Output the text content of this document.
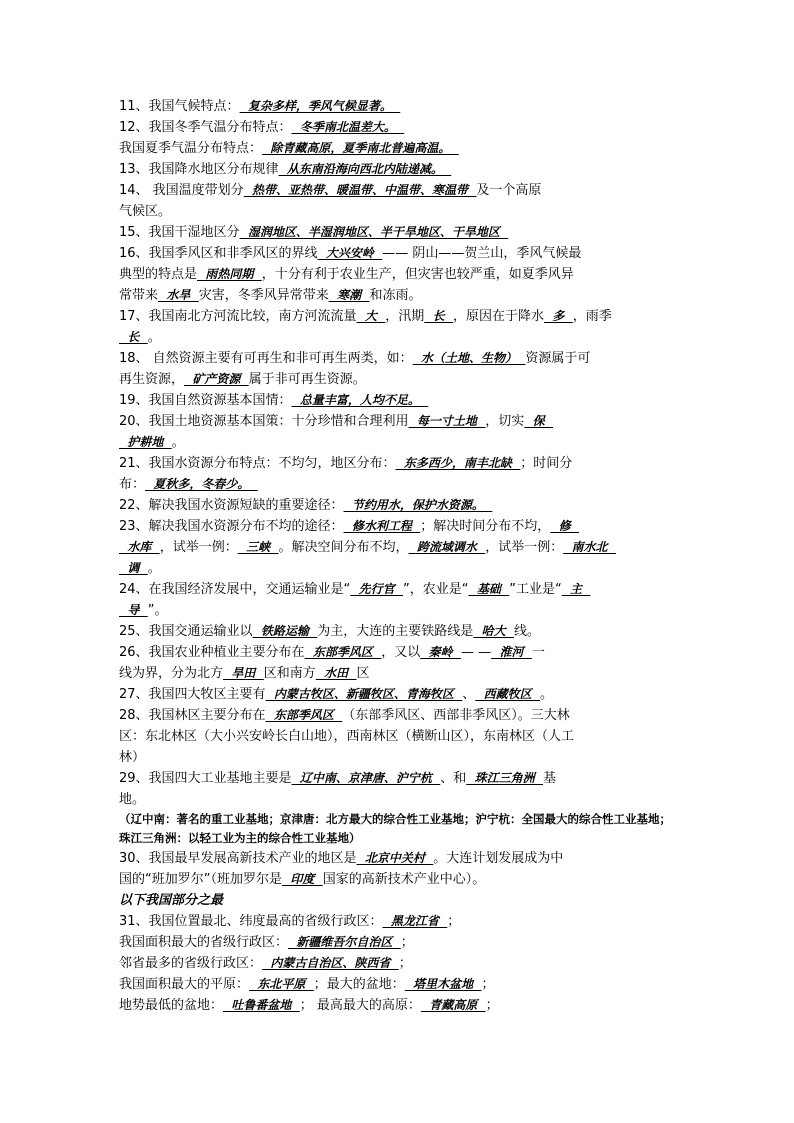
11、我国气候特点：  复杂多样，季风气候显著。
12、我国冬季气温分布特点：  冬季南北温差大。
我国夏季气温分布特点：  除青藏高原，夏季南北普遍高温。
13、我国降水地区分布规律  从东南沿海向西北内陆递减。
14、 我国温度带划分  热带、亚热带、暖温带、中温带、寒温带  及一个高原
气候区。
15、我国干湿地区分  湿润地区、半湿润地区、半干旱地区、干旱地区
16、我国季风区和非季风区的界线  大兴安岭  —— 阴山——贺兰山，季风气候最
典型的特点是  雨热同期  ，十分有利于农业生产，但灾害也较严重，如夏季风异
常带来  水旱  灾害，冬季风异常带来  寒潮  和冻雨。
17、我国南北方河流比较，南方河流流量  大  ，汛期  长  ，原因在于降水  多  ，雨季
长  。
18、 自然资源主要有可再生和非可再生两类，如：  水（土地、生物）  资源属于可
再生资源，  矿产资源  属于非可再生资源。
19、我国自然资源基本国情：  总量丰富，人均不足。
20、我国土地资源基本国策：十分珍惜和合理利用  每一寸土地  ，切实  保
护耕地  。
21、我国水资源分布特点：不均匀，地区分布：  东多西少，南丰北缺  ；时间分
布：  夏秋多，冬春少。
22、解决我国水资源短缺的重要途径：  节约用水，保护水资源。
23、解决我国水资源分布不均的途径：  修水利工程  ；解决时间分布不均，  修
水库  ，试举一例：  三峡  。解决空间分布不均，  跨流域调水  ，试举一例：  南水北
调  。
24、在我国经济发展中，交通运输业是“  先行官  ”，农业是“  基础  ”工业是“  主
导  ”。
25、我国交通运输业以  铁路运输  为主，大连的主要铁路线是  哈大  线。
26、我国农业种植业主要分布在  东部季风区  ，又以  秦岭  — —  淮河  一
线为界，分为北方  旱田  区和南方  水田  区
27、我国四大牧区主要有  内蒙古牧区、新疆牧区、青海牧区  、  西藏牧区  。
28、我国林区主要分布在  东部季风区  （东部季风区、西部非季风区）。三大林
区：东北林区（大小兴安岭长白山地），西南林区（横断山区），东南林区（人工
林）
29、我国四大工业基地主要是  辽中南、京津唐、沪宁杭  、和  珠江三角洲  基
地。
（辽中南：著名的重工业基地；京津唐：北方最大的综合性工业基地；沪宁杭：全国最大的综合性工业基地；珠江三角洲：以轻工业为主的综合性工业基地）
30、我国最早发展高新技术产业的地区是  北京中关村  。大连计划发展成为中
国的“班加罗尔”（班加罗尔是  印度  国家的高新技术产业中心）。
以下我国部分之最
31、我国位置最北、纬度最高的省级行政区：  黑龙江省  ；
我国面积最大的省级行政区：  新疆维吾尔自治区  ；
邻省最多的省级行政区：  内蒙古自治区、陕西省  ；
我国面积最大的平原：  东北平原  ；最大的盆地：  塔里木盆地  ；
地势最低的盆地：  吐鲁番盆地  ； 最高最大的高原：  青藏高原  ；
